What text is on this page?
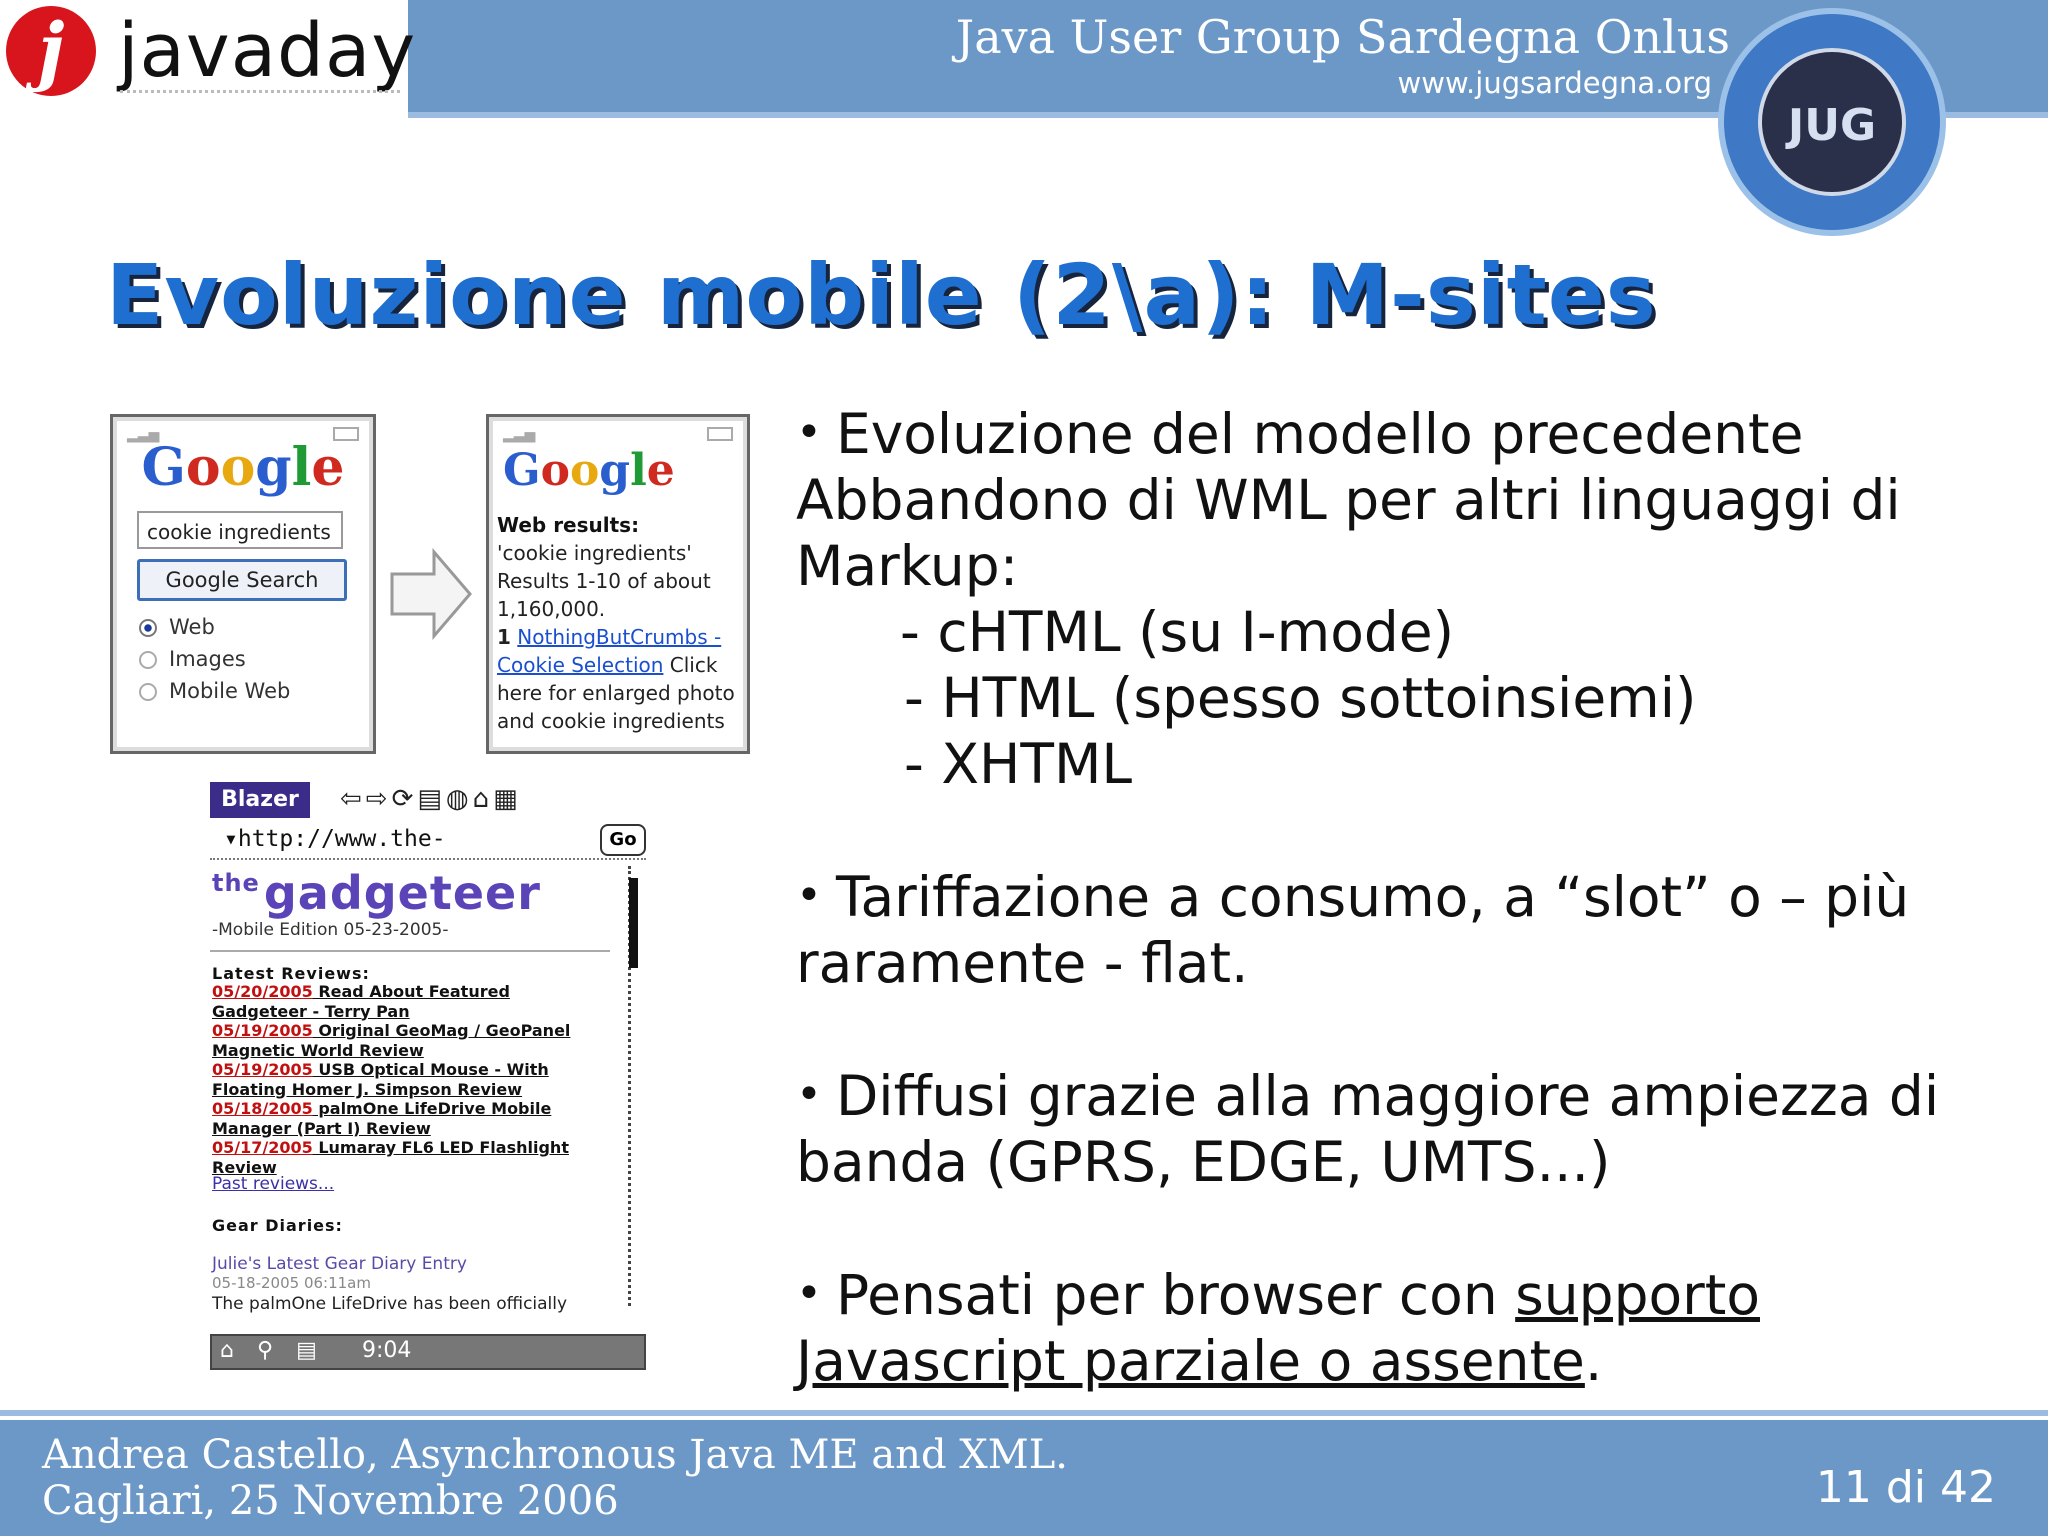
j javaday	Java User Group Sardegna Onlus
www.jugsardegna.org
JUG
Evoluzione mobile (2\a): M-sites
▂▃▅
Google
cookie ingredients
Google Search
Web
Images
Mobile Web
▂▃▅
Google
Web results:
'cookie ingredients'
Results 1-10 of about
1,160,000.
1 NothingButCrumbs -
Cookie Selection Click
here for enlarged photo
and cookie ingredients
Blazer	⇦⇨⟳▤◍⌂▦
▾http://www.the-	Go
$^{the}$gadgeteer
-Mobile Edition 05-23-2005-
Latest Reviews:
05/20/2005 Read About Featured
Gadgeteer - Terry Pan
05/19/2005 Original GeoMag / GeoPanel
Magnetic World Review
05/19/2005 USB Optical Mouse - With
Floating Homer J. Simpson Review
05/18/2005 palmOne LifeDrive Mobile
Manager (Part I) Review
05/17/2005 Lumaray FL6 LED Flashlight
Review
Past reviews...
Gear Diaries:
Julie's Latest Gear Diary Entry
05-18-2005 06:11am
The palmOne LifeDrive has been officially
⌂ ⚲ ▤ 9:04
• Evoluzione del modello precedente
Abbandono di WML per altri linguaggi di
Markup:
- cHTML (su I-mode)
- HTML (spesso sottoinsiemi)
- XHTML
• Tariffazione a consumo, a “slot” o – più
raramente - flat.
• Diffusi grazie alla maggiore ampiezza di
banda (GPRS, EDGE, UMTS...)
• Pensati per browser con supporto
Javascript parziale o assente.
Andrea Castello, Asynchronous Java ME and XML.
Cagliari, 25 Novembre 2006	11 di 42
